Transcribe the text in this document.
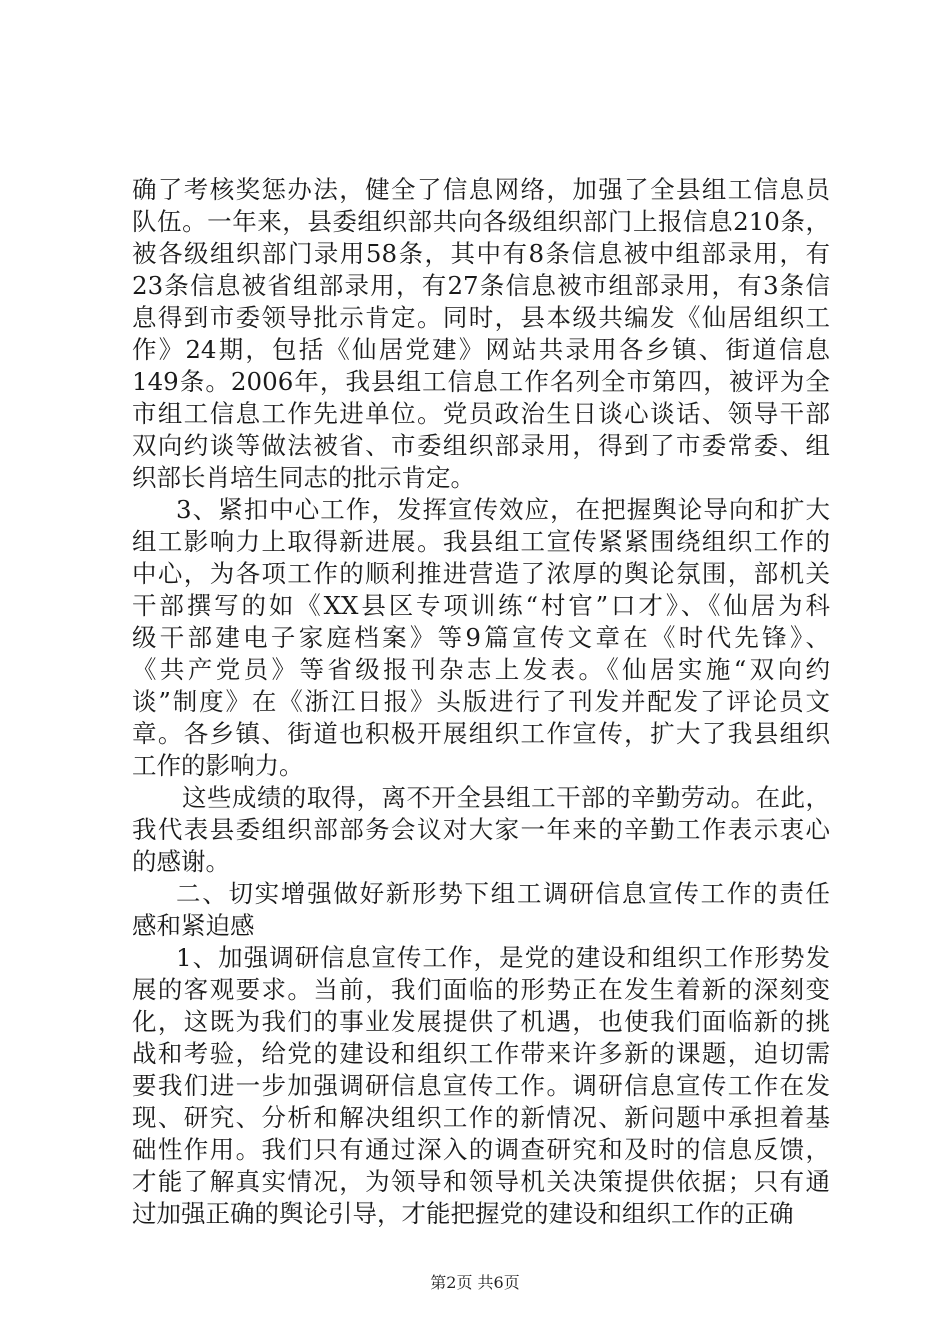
确了考核奖惩办法，健全了信息网络，加强了全县组工信息员
队伍。一年来，县委组织部共向各级组织部门上报信息210条，
被各级组织部门录用58条，其中有8条信息被中组部录用，有
23条信息被省组部录用，有27条信息被市组部录用，有3条信
息得到市委领导批示肯定。同时，县本级共编发《仙居组织工
作》24期，包括《仙居党建》网站共录用各乡镇、街道信息
149条。2006年，我县组工信息工作名列全市第四，被评为全
市组工信息工作先进单位。党员政治生日谈心谈话、领导干部
双向约谈等做法被省、市委组织部录用，得到了市委常委、组
织部长肖培生同志的批示肯定。
3、紧扣中心工作，发挥宣传效应，在把握舆论导向和扩大
组工影响力上取得新进展。我县组工宣传紧紧围绕组织工作的
中心，为各项工作的顺利推进营造了浓厚的舆论氛围，部机关
干部撰写的如《XX县区专项训练“村官”口才》、《仙居为科
级干部建电子家庭档案》等9篇宣传文章在《时代先锋》、
《共产党员》等省级报刊杂志上发表。《仙居实施“双向约
谈”制度》在《浙江日报》头版进行了刊发并配发了评论员文
章。各乡镇、街道也积极开展组织工作宣传，扩大了我县组织
工作的影响力。
这些成绩的取得，离不开全县组工干部的辛勤劳动。在此，
我代表县委组织部部务会议对大家一年来的辛勤工作表示衷心
的感谢。
二、切实增强做好新形势下组工调研信息宣传工作的责任
感和紧迫感
1、加强调研信息宣传工作，是党的建设和组织工作形势发
展的客观要求。当前，我们面临的形势正在发生着新的深刻变
化，这既为我们的事业发展提供了机遇，也使我们面临新的挑
战和考验，给党的建设和组织工作带来许多新的课题，迫切需
要我们进一步加强调研信息宣传工作。调研信息宣传工作在发
现、研究、分析和解决组织工作的新情况、新问题中承担着基
础性作用。我们只有通过深入的调查研究和及时的信息反馈，
才能了解真实情况，为领导和领导机关决策提供依据；只有通
过加强正确的舆论引导，才能把握党的建设和组织工作的正确
第2页 共6页
